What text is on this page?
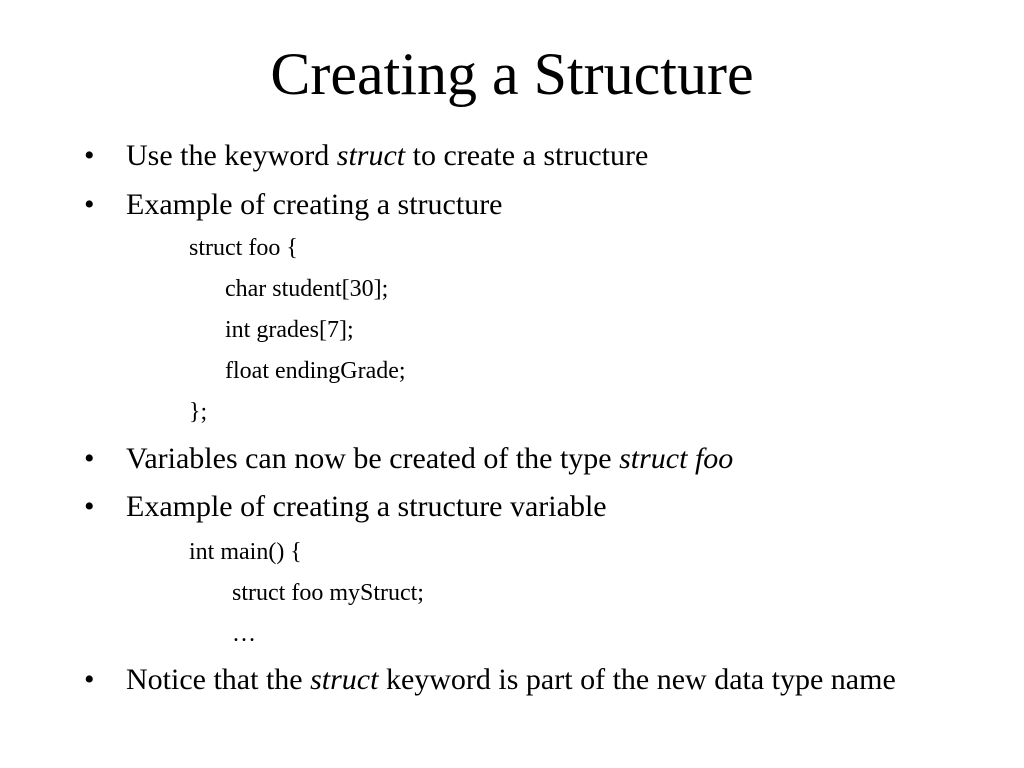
Creating a Structure
•	Use the keyword struct to create a structure
•	Example of creating a structure
struct foo {
char student[30];
int grades[7];
float endingGrade;
};
•	Variables can now be created of the type struct foo
•	Example of creating a structure variable
int main() {
struct foo myStruct;
…
•	Notice that the struct keyword is part of the new data type name
